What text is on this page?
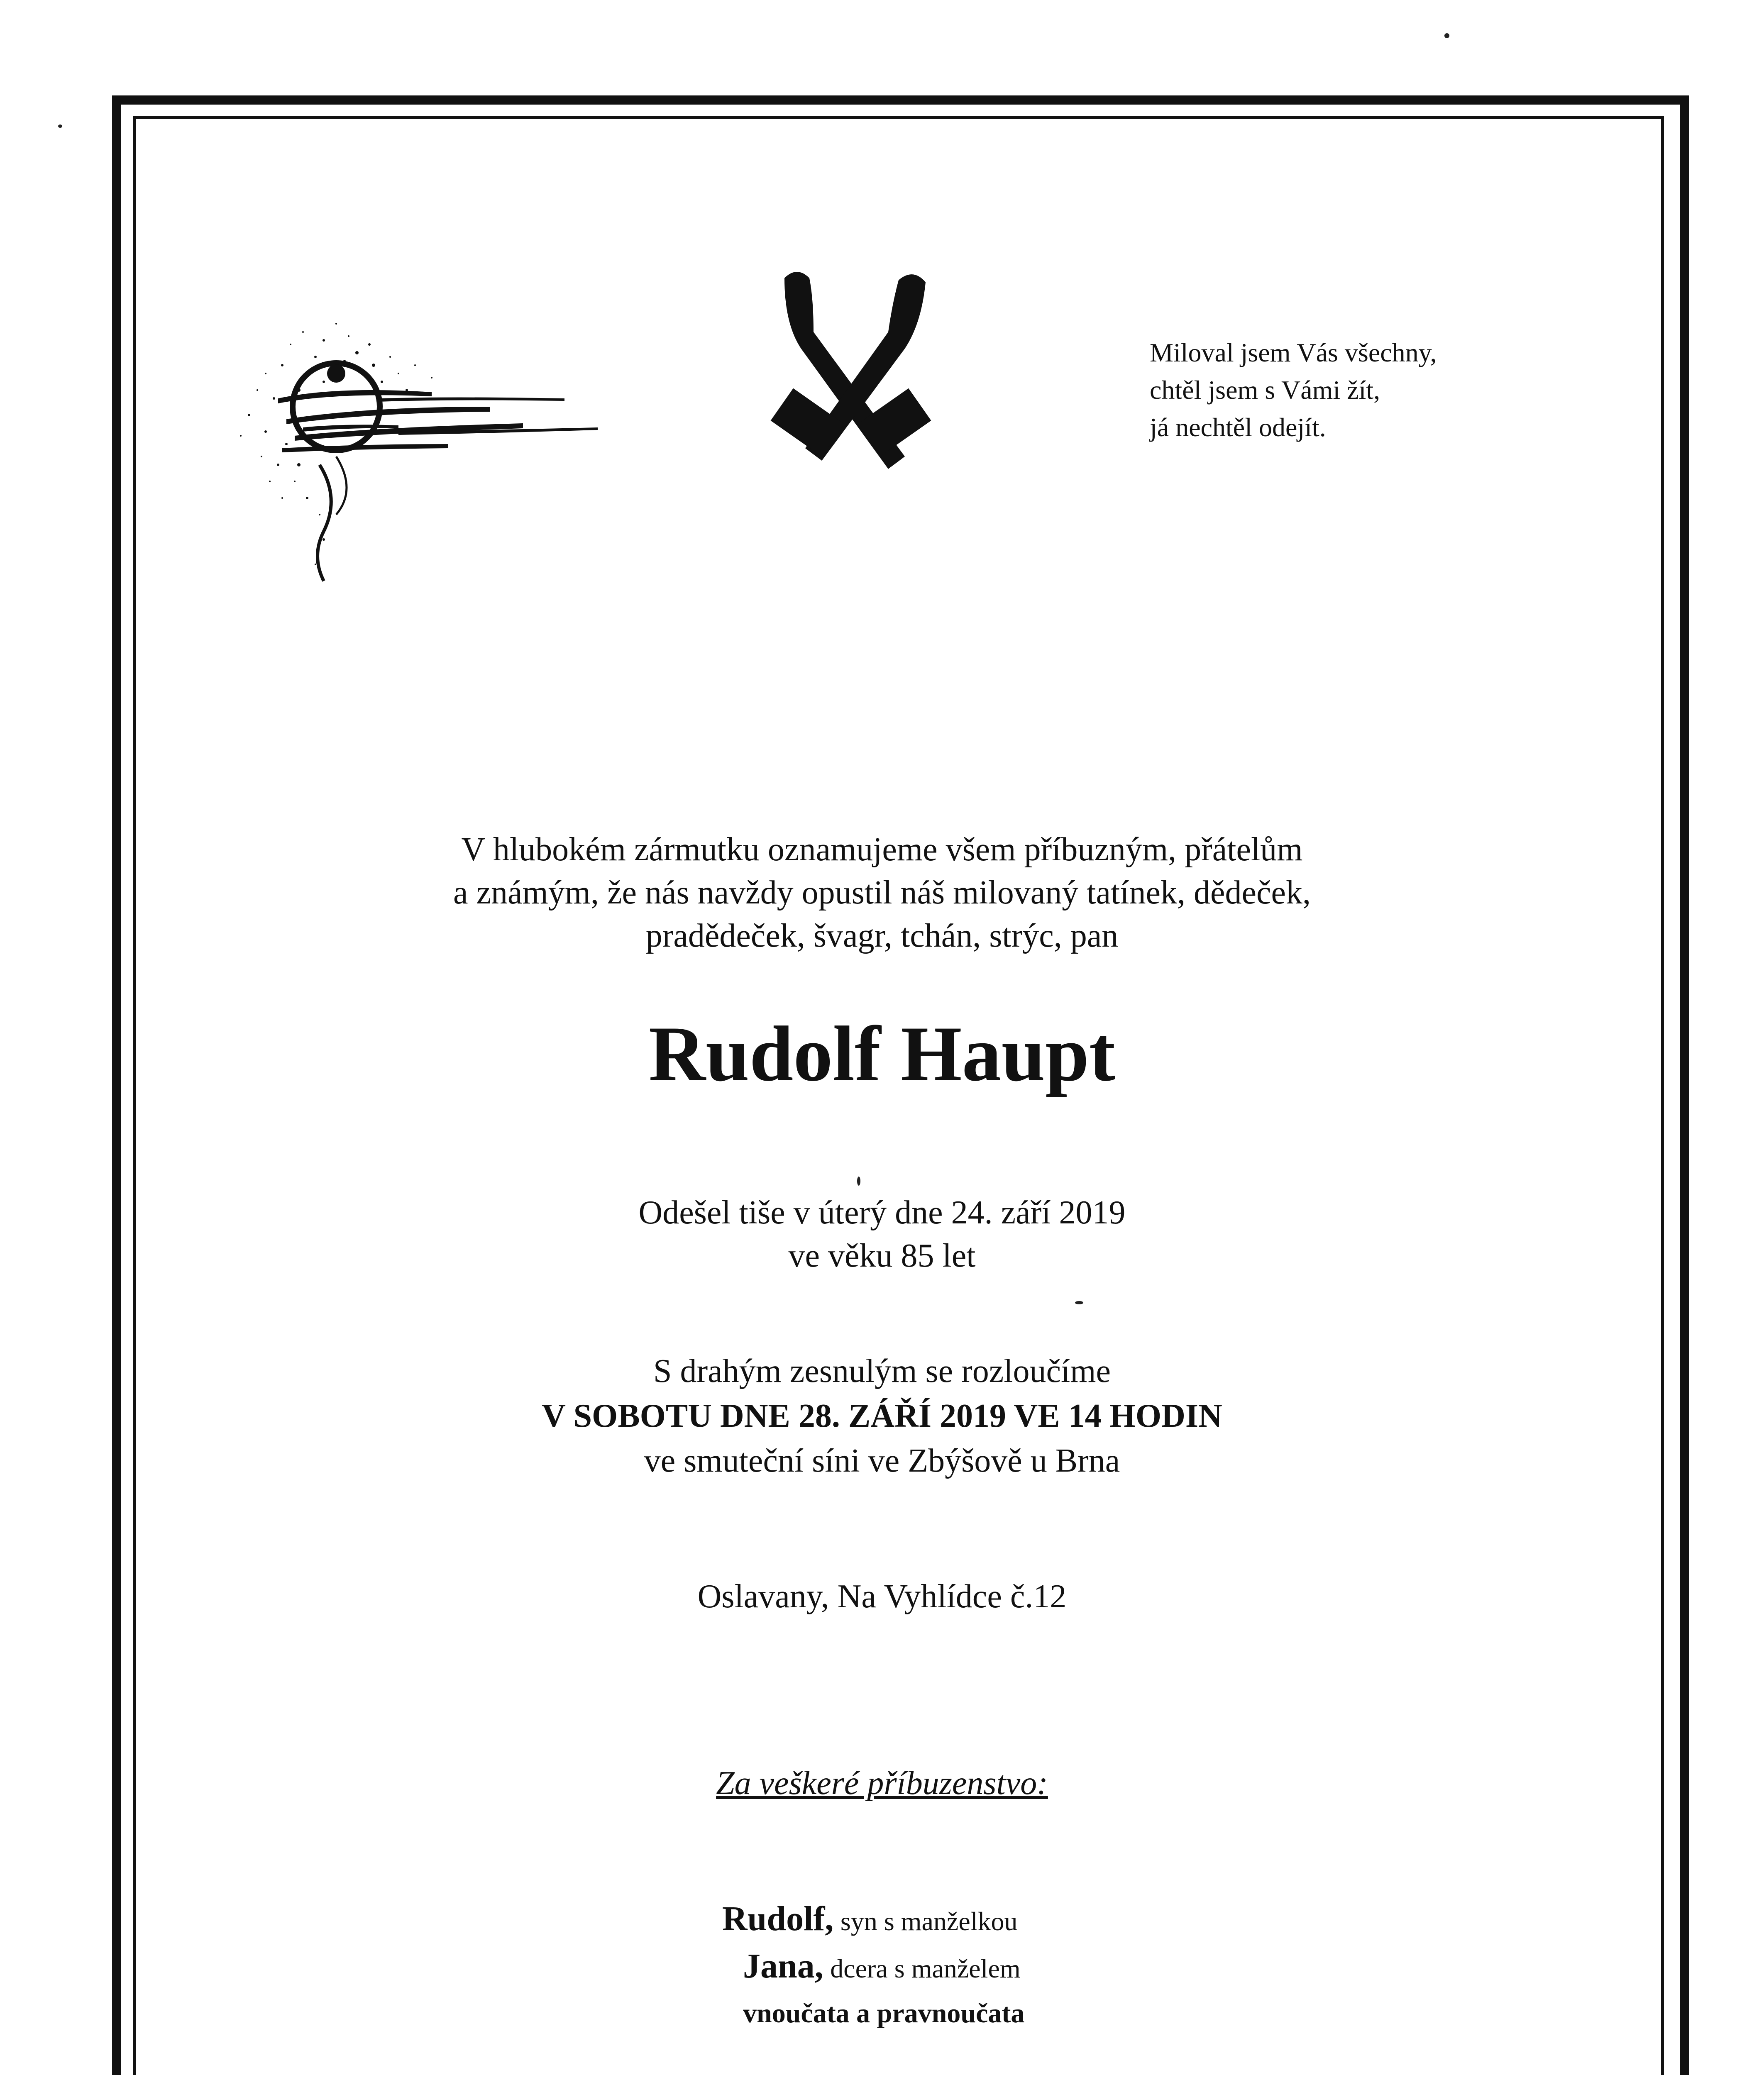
Miloval jsem Vás všechny,
chtěl jsem s Vámi žít,
já nechtěl odejít.
V hlubokém zármutku oznamujeme všem příbuzným, přátelům
a známým, že nás navždy opustil náš milovaný tatínek, dědeček,
pradědeček, švagr, tchán, strýc, pan
Rudolf Haupt
Odešel tiše v úterý dne 24. září 2019
ve věku 85 let
S drahým zesnulým se rozloučíme
V SOBOTU DNE 28. ZÁŘÍ 2019 VE 14 HODIN
ve smuteční síni ve Zbýšově u Brna
Oslavany, Na Vyhlídce č.12
Za veškeré příbuzenstvo:
Rudolf, syn s manželkou
Jana, dcera s manželem
vnoučata a pravnoučata
